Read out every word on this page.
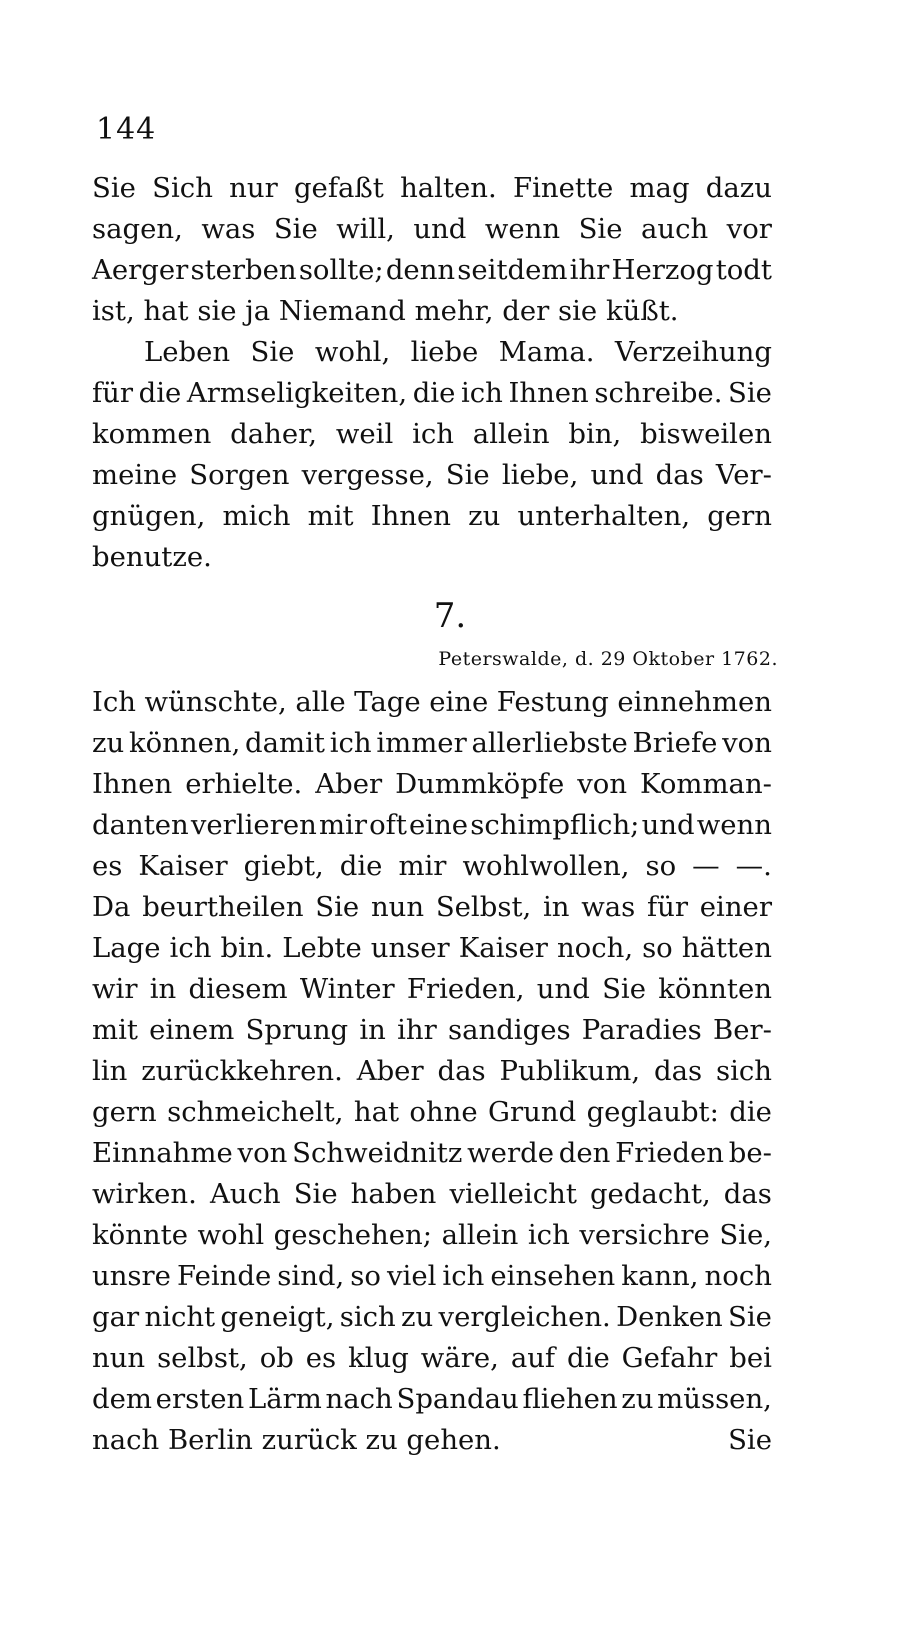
144
Sie Sich nur gefaßt halten. Finette mag dazu
sagen, was Sie will, und wenn Sie auch vor
Aerger sterben sollte; denn seitdem ihr Herzog todt
ist, hat sie ja Niemand mehr, der sie küßt.
Leben Sie wohl, liebe Mama. Verzeihung
für die Armseligkeiten, die ich Ihnen schreibe. Sie
kommen daher, weil ich allein bin, bisweilen
meine Sorgen vergesse, Sie liebe, und das Ver-
gnügen, mich mit Ihnen zu unterhalten, gern
benutze.
7.
Peterswalde, d. 29 Oktober 1762.
Ich wünschte, alle Tage eine Festung einnehmen
zu können, damit ich immer allerliebste Briefe von
Ihnen erhielte. Aber Dummköpfe von Komman-
danten verlieren mir oft eine schimpflich; und wenn
es Kaiser giebt, die mir wohlwollen, so — —.
Da beurtheilen Sie nun Selbst, in was für einer
Lage ich bin. Lebte unser Kaiser noch, so hätten
wir in diesem Winter Frieden, und Sie könnten
mit einem Sprung in ihr sandiges Paradies Ber-
lin zurückkehren. Aber das Publikum, das sich
gern schmeichelt, hat ohne Grund geglaubt: die
Einnahme von Schweidnitz werde den Frieden be-
wirken. Auch Sie haben vielleicht gedacht, das
könnte wohl geschehen; allein ich versichre Sie,
unsre Feinde sind, so viel ich einsehen kann, noch
gar nicht geneigt, sich zu vergleichen. Denken Sie
nun selbst, ob es klug wäre, auf die Gefahr bei
dem ersten Lärm nach Spandau fliehen zu müssen,
nach Berlin zurück zu gehen.	Sie
